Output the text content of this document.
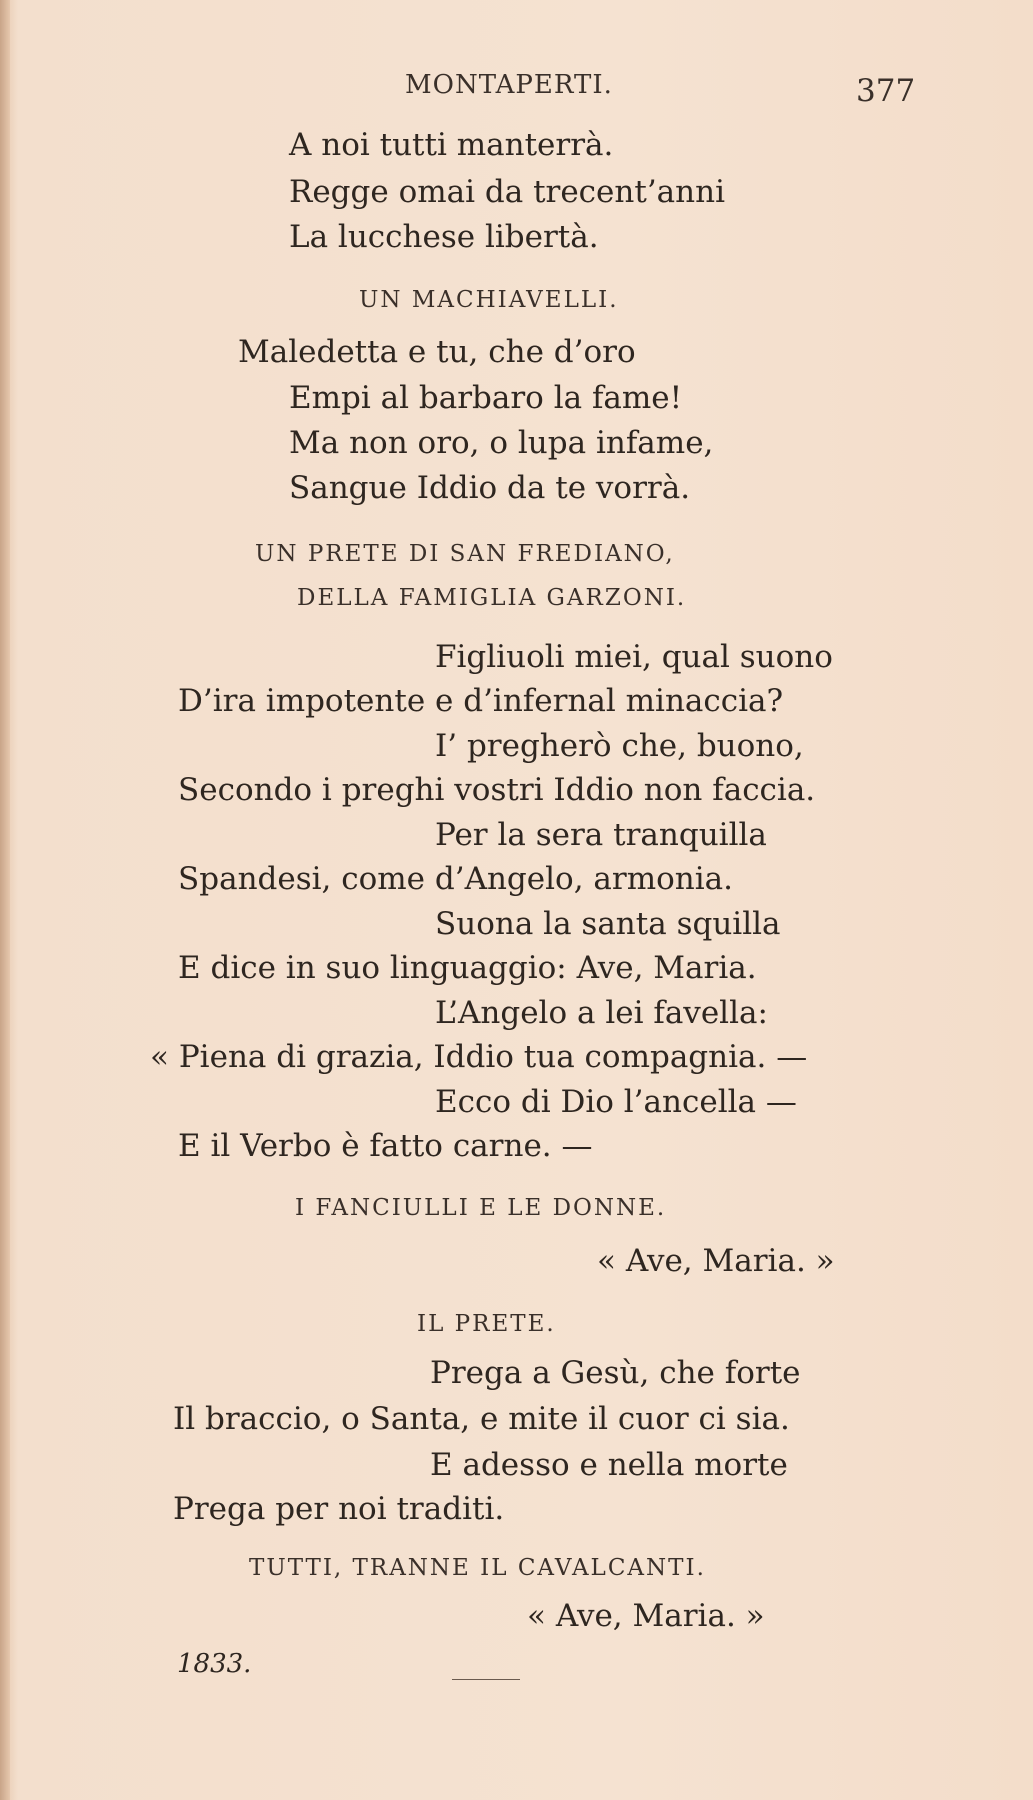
MONTAPERTI.	377
A noi tutti manterrà.
Regge omai da trecent’anni
La lucchese libertà.
UN MACHIAVELLI.
Maledetta e tu, che d’oro
Empi al barbaro la fame!
Ma non oro, o lupa infame,
Sangue Iddio da te vorrà.
UN PRETE DI SAN FREDIANO,
DELLA FAMIGLIA GARZONI.
Figliuoli miei, qual suono
D’ira impotente e d’infernal minaccia?
I’ pregherò che, buono,
Secondo i preghi vostri Iddio non faccia.
Per la sera tranquilla
Spandesi, come d’Angelo, armonia.
Suona la santa squilla
E dice in suo linguaggio: Ave, Maria.
L’Angelo a lei favella:
« Piena di grazia, Iddio tua compagnia. —
Ecco di Dio l’ancella —
E il Verbo è fatto carne. —
I FANCIULLI E LE DONNE.
« Ave, Maria. »
IL PRETE.
Prega a Gesù, che forte
Il braccio, o Santa, e mite il cuor ci sia.
E adesso e nella morte
Prega per noi traditi.
TUTTI, TRANNE IL CAVALCANTI.
« Ave, Maria. »
1833.
